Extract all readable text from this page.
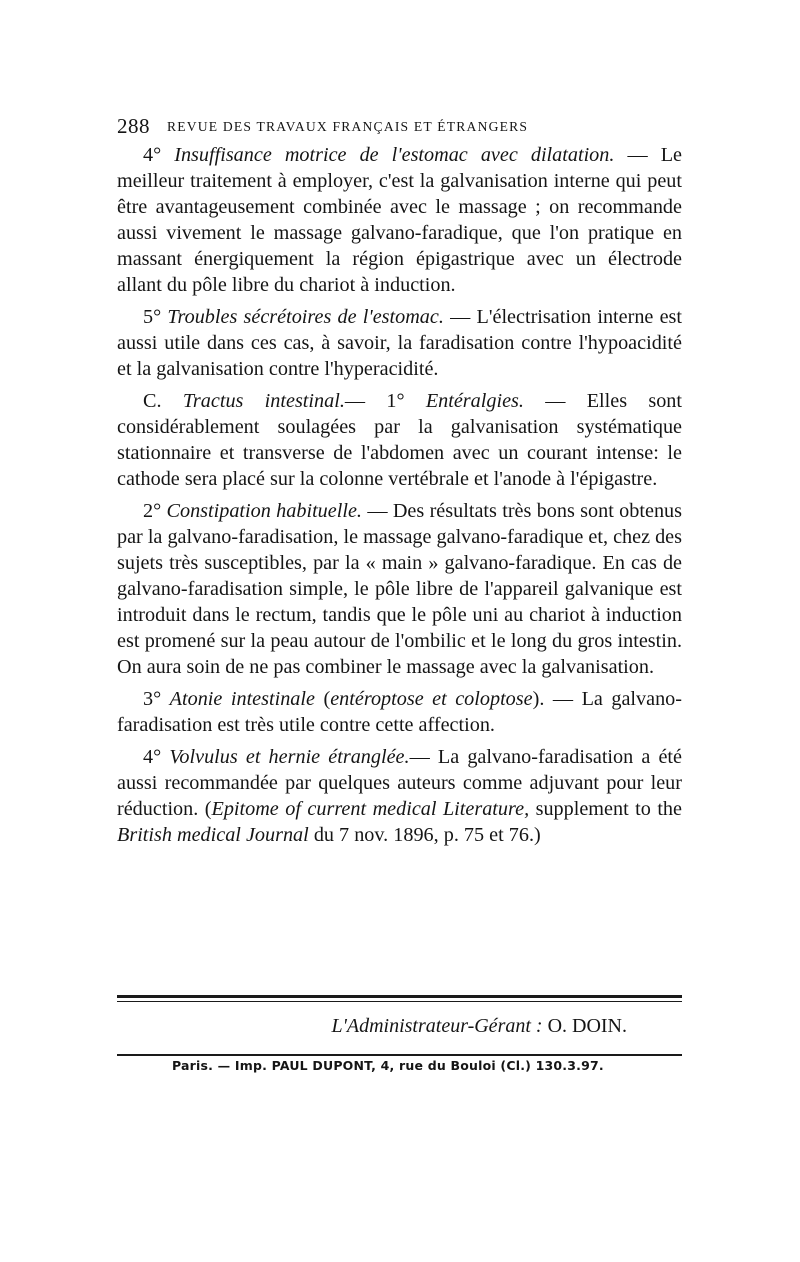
288 REVUE DES TRAVAUX FRANÇAIS ET ÉTRANGERS

4° Insuffisance motrice de l'estomac avec dilatation. — Le meilleur traitement à employer, c'est la galvanisation interne qui peut être avantageusement combinée avec le massage ; on recommande aussi vivement le massage galvano-faradique, que l'on pratique en massant énergiquement la région épigastrique avec un électrode allant du pôle libre du chariot à induction.

5° Troubles sécrétoires de l'estomac. — L'électrisation interne est aussi utile dans ces cas, à savoir, la faradisation contre l'hypoacidité et la galvanisation contre l'hyperacidité.

C. Tractus intestinal.— 1° Entéralgies. — Elles sont considérablement soulagées par la galvanisation systématique stationnaire et transverse de l'abdomen avec un courant intense: le cathode sera placé sur la colonne vertébrale et l'anode à l'épigastre.

2° Constipation habituelle. — Des résultats très bons sont obtenus par la galvano-faradisation, le massage galvano-faradique et, chez des sujets très susceptibles, par la « main » galvano-faradique. En cas de galvano-faradisation simple, le pôle libre de l'appareil galvanique est introduit dans le rectum, tandis que le pôle uni au chariot à induction est promené sur la peau autour de l'ombilic et le long du gros intestin. On aura soin de ne pas combiner le massage avec la galvanisation.

3° Atonie intestinale (entéroptose et coloptose). — La galvano-faradisation est très utile contre cette affection.

4° Volvulus et hernie étranglée.— La galvano-faradisation a été aussi recommandée par quelques auteurs comme adjuvant pour leur réduction. (Epitome of current medical Literature, supplement to the British medical Journal du 7 nov. 1896, p. 75 et 76.)

L'Administrateur-Gérant : O. DOIN.
Paris. — Imp. PAUL DUPONT, 4, rue du Bouloi (Cl.) 130.3.97.
